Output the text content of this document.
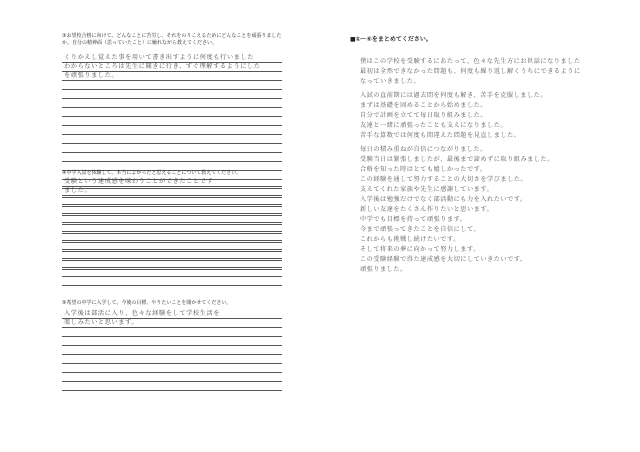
③お望校合格に向けて、どんなことに苦労し、それをのりこえるためにどんなことを頑張りましたか。自分の精神面（思っていたこと）に触れながら教えてください。
くりかえし覚えた事を用いて書き出すように何度も行いました
わからないところは先生に聞きに行き、すぐ理解するようにした
を頑張りました。
④中学入試を体験して、本当によかったと思えることについて教えてください。
受験という達成感を味わうことができたことです
ました。
⑤希望の中学に入学して、今後の目標、やりたいことを聞かせてください。
入学後は部活に入り、色々な経験をして学校生活を
楽しみたいと思います。
■①〜⑤をまとめてください。
僕はこの学校を受験するにあたって、色々な先生方にお世話になりました
最初は全然できなかった問題も、何度も繰り返し解くうちにできるように
なっていきました。
入試の直前期には過去問を何度も解き、苦手を克服しました。
まずは基礎を固めることから始めました。
自分で計画を立てて毎日取り組みました。
友達と一緒に頑張ったことも支えになりました。
苦手な算数では何度も間違えた問題を見直しました。
毎日の積み重ねが自信につながりました。
受験当日は緊張しましたが、最後まで諦めずに取り組みました。
合格を知った時はとても嬉しかったです。
この経験を通して努力することの大切さを学びました。
支えてくれた家族や先生に感謝しています。
入学後は勉強だけでなく部活動にも力を入れたいです。
新しい友達をたくさん作りたいと思います。
中学でも目標を持って頑張ります。
今まで頑張ってきたことを自信にして、
これからも挑戦し続けたいです。
そして将来の夢に向かって努力します。
この受験経験で得た達成感を大切にしていきたいです。
頑張りました。
